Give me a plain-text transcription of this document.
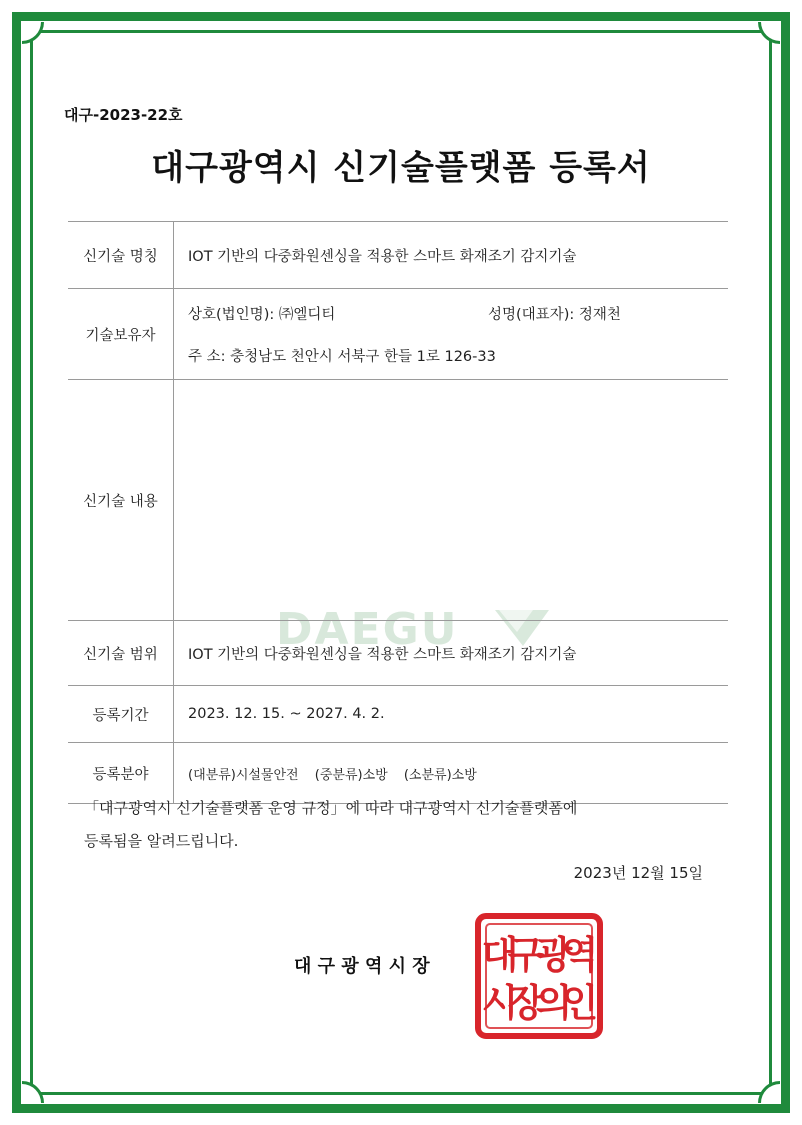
대구-2023-22호
대구광역시 신기술플랫폼 등록서
DAEGU
신기술 명칭	IOT 기반의 다중화원센싱을 적용한 스마트 화재조기 감지기술
기술보유자	상호(법인명): ㈜엘디티 성명(대표자): 정재천
주 소:
충청남도 천안시 서북구 한들 1로 126-33

신기술 내용	
신기술 범위	IOT 기반의 다중화원센싱을 적용한 스마트 화재조기 감지기술
등록기간	2023. 12. 15. ~ 2027. 4. 2.
등록분야	(대분류)시설물안전 (중분류)소방 (소분류)소방
「대구광역시 신기술플랫폼 운영 규정」에 따라 대구광역시 신기술플랫폼에
등록됨을 알려드립니다.
2023년 12월 15일
대 구 광 역 시 장 대
구
광
역
시
장
의
인
